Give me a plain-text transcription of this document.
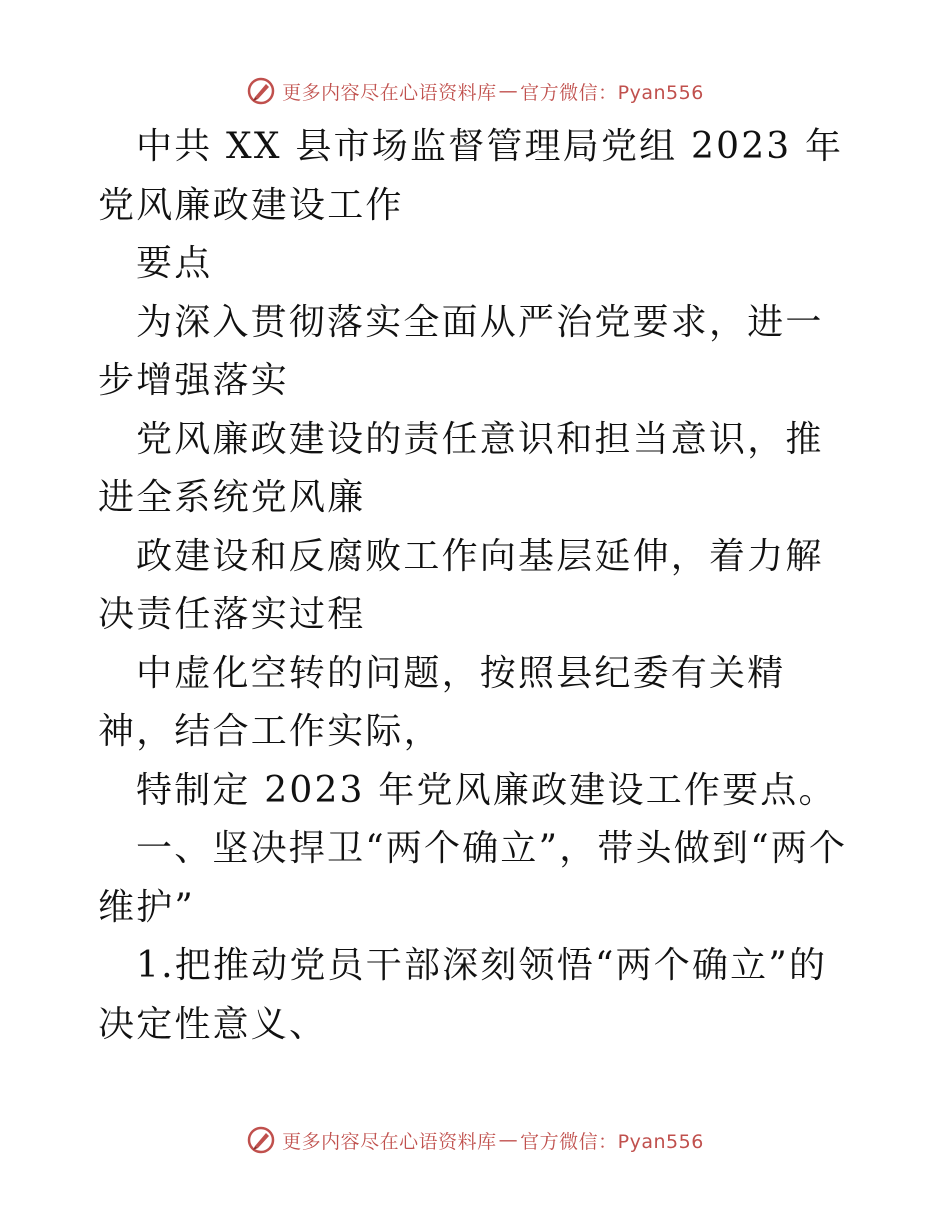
更多内容尽在心语资料库 — 官方微信：Pyan556

中共 XX 县市场监督管理局党组 2023 年党风廉政建设工作

要点

为深入贯彻落实全面从严治党要求，进一步增强落实

党风廉政建设的责任意识和担当意识，推进全系统党风廉

政建设和反腐败工作向基层延伸，着力解决责任落实过程

中虚化空转的问题，按照县纪委有关精神，结合工作实际，

特制定 2023 年党风廉政建设工作要点。

一、坚决捍卫“两个确立”，带头做到“两个维护”

1.把推动党员干部深刻领悟“两个确立”的决定性意义、

更多内容尽在心语资料库 — 官方微信：Pyan556
